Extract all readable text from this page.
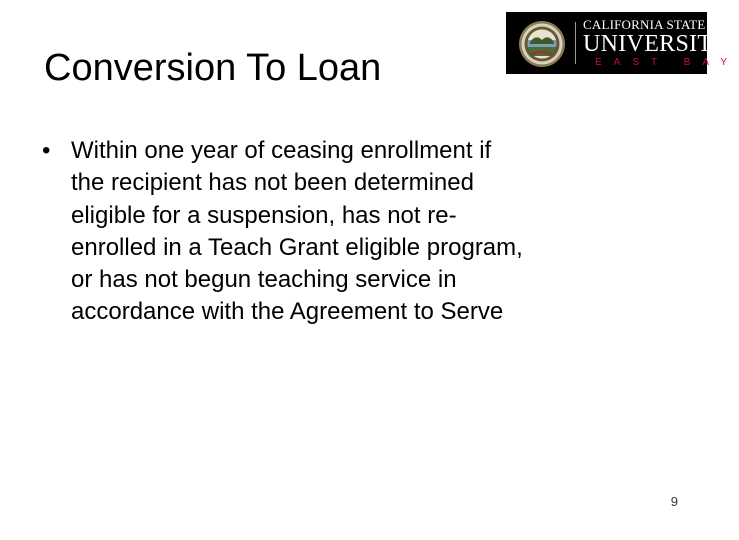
Conversion To Loan
CALIFORNIA STATE
UNIVERSITY
EAST BAY
• Within one year of ceasing enrollment if
the recipient has not been determined
eligible for a suspension, has not re-
enrolled in a Teach Grant eligible program,
or has not begun teaching service in
accordance with the Agreement to Serve
9
